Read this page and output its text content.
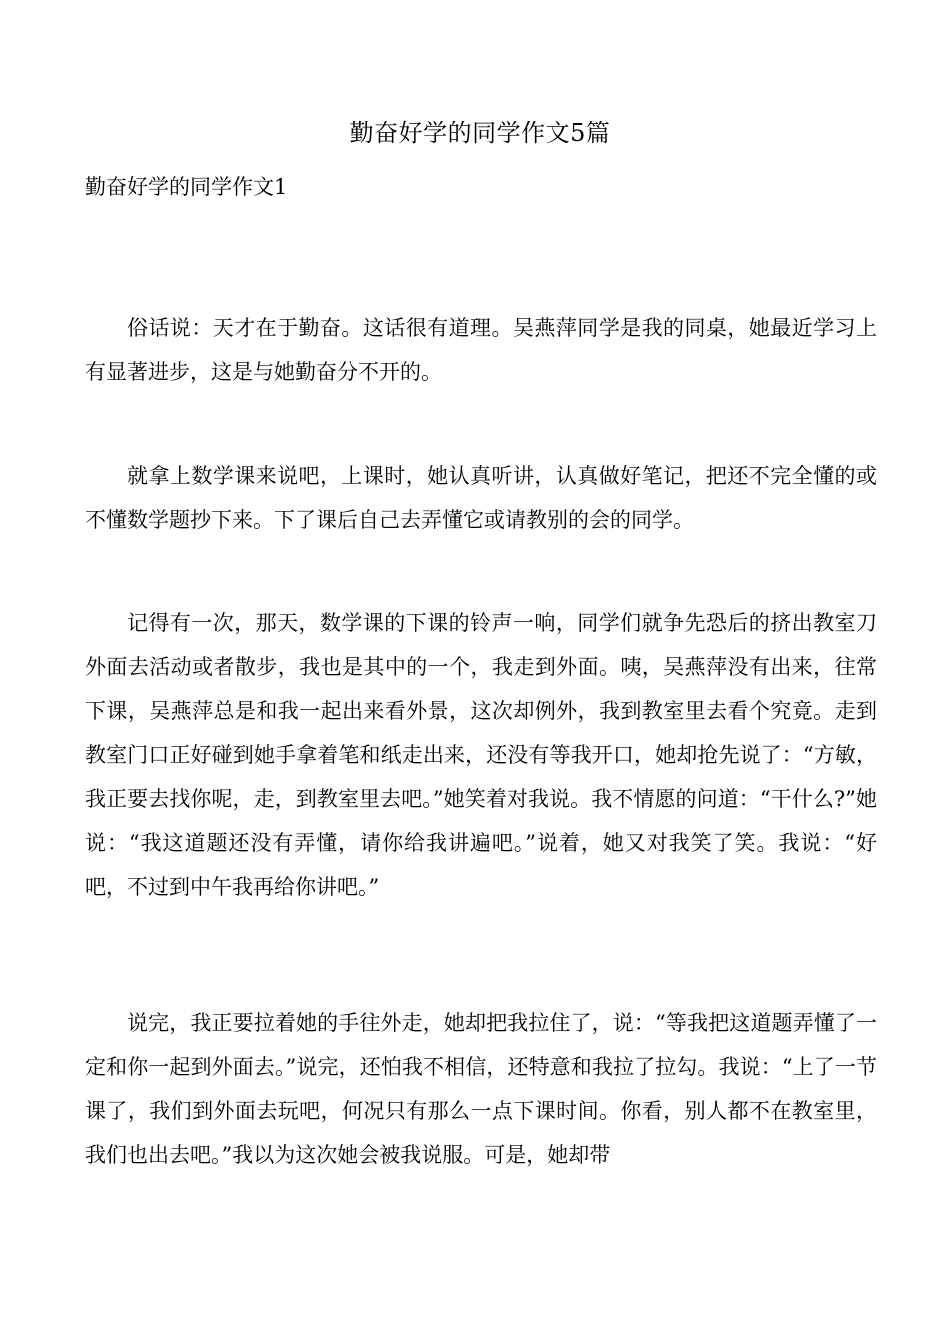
勤奋好学的同学作文5篇
勤奋好学的同学作文1

俗话说：天才在于勤奋。这话很有道理。吴燕萍同学是我的同桌，她最近学习上有显著进步，这是与她勤奋分不开的。

就拿上数学课来说吧，上课时，她认真听讲，认真做好笔记，把还不完全懂的或不懂数学题抄下来。下了课后自己去弄懂它或请教别的会的同学。

记得有一次，那天，数学课的下课的铃声一响，同学们就争先恐后的挤出教室刀外面去活动或者散步，我也是其中的一个，我走到外面。咦，吴燕萍没有出来，往常下课，吴燕萍总是和我一起出来看外景，这次却例外，我到教室里去看个究竟。走到教室门口正好碰到她手拿着笔和纸走出来，还没有等我开口，她却抢先说了：“方敏，我正要去找你呢，走，到教室里去吧。”她笑着对我说。我不情愿的问道：“干什么?”她说：“我这道题还没有弄懂，请你给我讲遍吧。”说着，她又对我笑了笑。我说：“好吧，不过到中午我再给你讲吧。”

说完，我正要拉着她的手往外走，她却把我拉住了，说：“等我把这道题弄懂了一定和你一起到外面去。”说完，还怕我不相信，还特意和我拉了拉勾。我说：“上了一节课了，我们到外面去玩吧，何况只有那么一点下课时间。你看，别人都不在教室里，我们也出去吧。”我以为这次她会被我说服。可是，她却带
